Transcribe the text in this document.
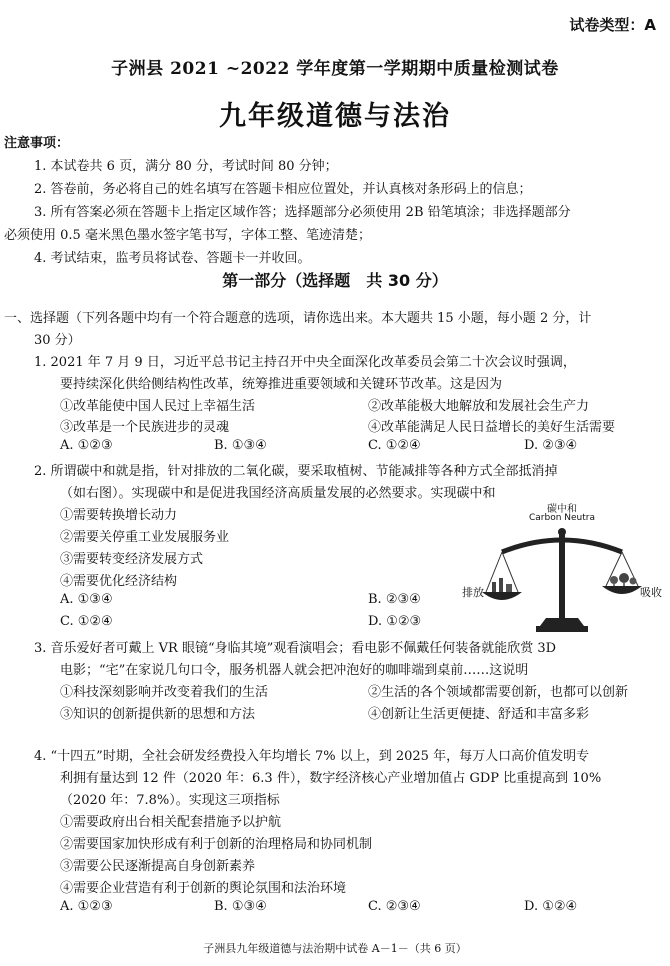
试卷类型：A
子洲县 2021 ~2022 学年度第一学期期中质量检测试卷
九年级道德与法治
注意事项：
1. 本试卷共 6 页，满分 80 分，考试时间 80 分钟；
2. 答卷前，务必将自己的姓名填写在答题卡相应位置处，并认真核对条形码上的信息；
3. 所有答案必须在答题卡上指定区域作答；选择题部分必须使用 2B 铅笔填涂；非选择题部分
必须使用 0.5 毫米黑色墨水签字笔书写，字体工整、笔迹清楚；
4. 考试结束，监考员将试卷、答题卡一并收回。
第一部分（选择题　共 30 分）
一、选择题（下列各题中均有一个符合题意的选项，请你选出来。本大题共 15 小题，每小题 2 分，计
30 分）
1. 2021 年 7 月 9 日，习近平总书记主持召开中央全面深化改革委员会第二十次会议时强调，
要持续深化供给侧结构性改革，统筹推进重要领域和关键环节改革。这是因为
①改革能使中国人民过上幸福生活	②改革能极大地解放和发展社会生产力
③改革是一个民族进步的灵魂	④改革能满足人民日益增长的美好生活需要
A. ①②③	B. ①③④	C. ①②④	D. ②③④
2. 所谓碳中和就是指，针对排放的二氧化碳，要采取植树、节能减排等各种方式全部抵消掉
（如右图）。实现碳中和是促进我国经济高质量发展的必然要求。实现碳中和
①需要转换增长动力
②需要关停重工业发展服务业
③需要转变经济发展方式
④需要优化经济结构
A. ①③④	B. ②③④
C. ①②④	D. ①②③
碳中和
Carbon Neutra
排放	吸收
3. 音乐爱好者可戴上 VR 眼镜“身临其境”观看演唱会；看电影不佩戴任何装备就能欣赏 3D
电影；“宅”在家说几句口令，服务机器人就会把冲泡好的咖啡端到桌前……这说明
①科技深刻影响并改变着我们的生活	②生活的各个领域都需要创新，也都可以创新
③知识的创新提供新的思想和方法	④创新让生活更便捷、舒适和丰富多彩
4. “十四五”时期，全社会研发经费投入年均增长 7% 以上，到 2025 年，每万人口高价值发明专
利拥有量达到 12 件（2020 年：6.3 件），数字经济核心产业增加值占 GDP 比重提高到 10%
（2020 年：7.8%）。实现这三项指标
①需要政府出台相关配套措施予以护航
②需要国家加快形成有利于创新的治理格局和协同机制
③需要公民逐渐提高自身创新素养
④需要企业营造有利于创新的舆论氛围和法治环境
A. ①②③	B. ①③④	C. ②③④	D. ①②④
子洲县九年级道德与法治期中试卷 A－1－（共 6 页）
